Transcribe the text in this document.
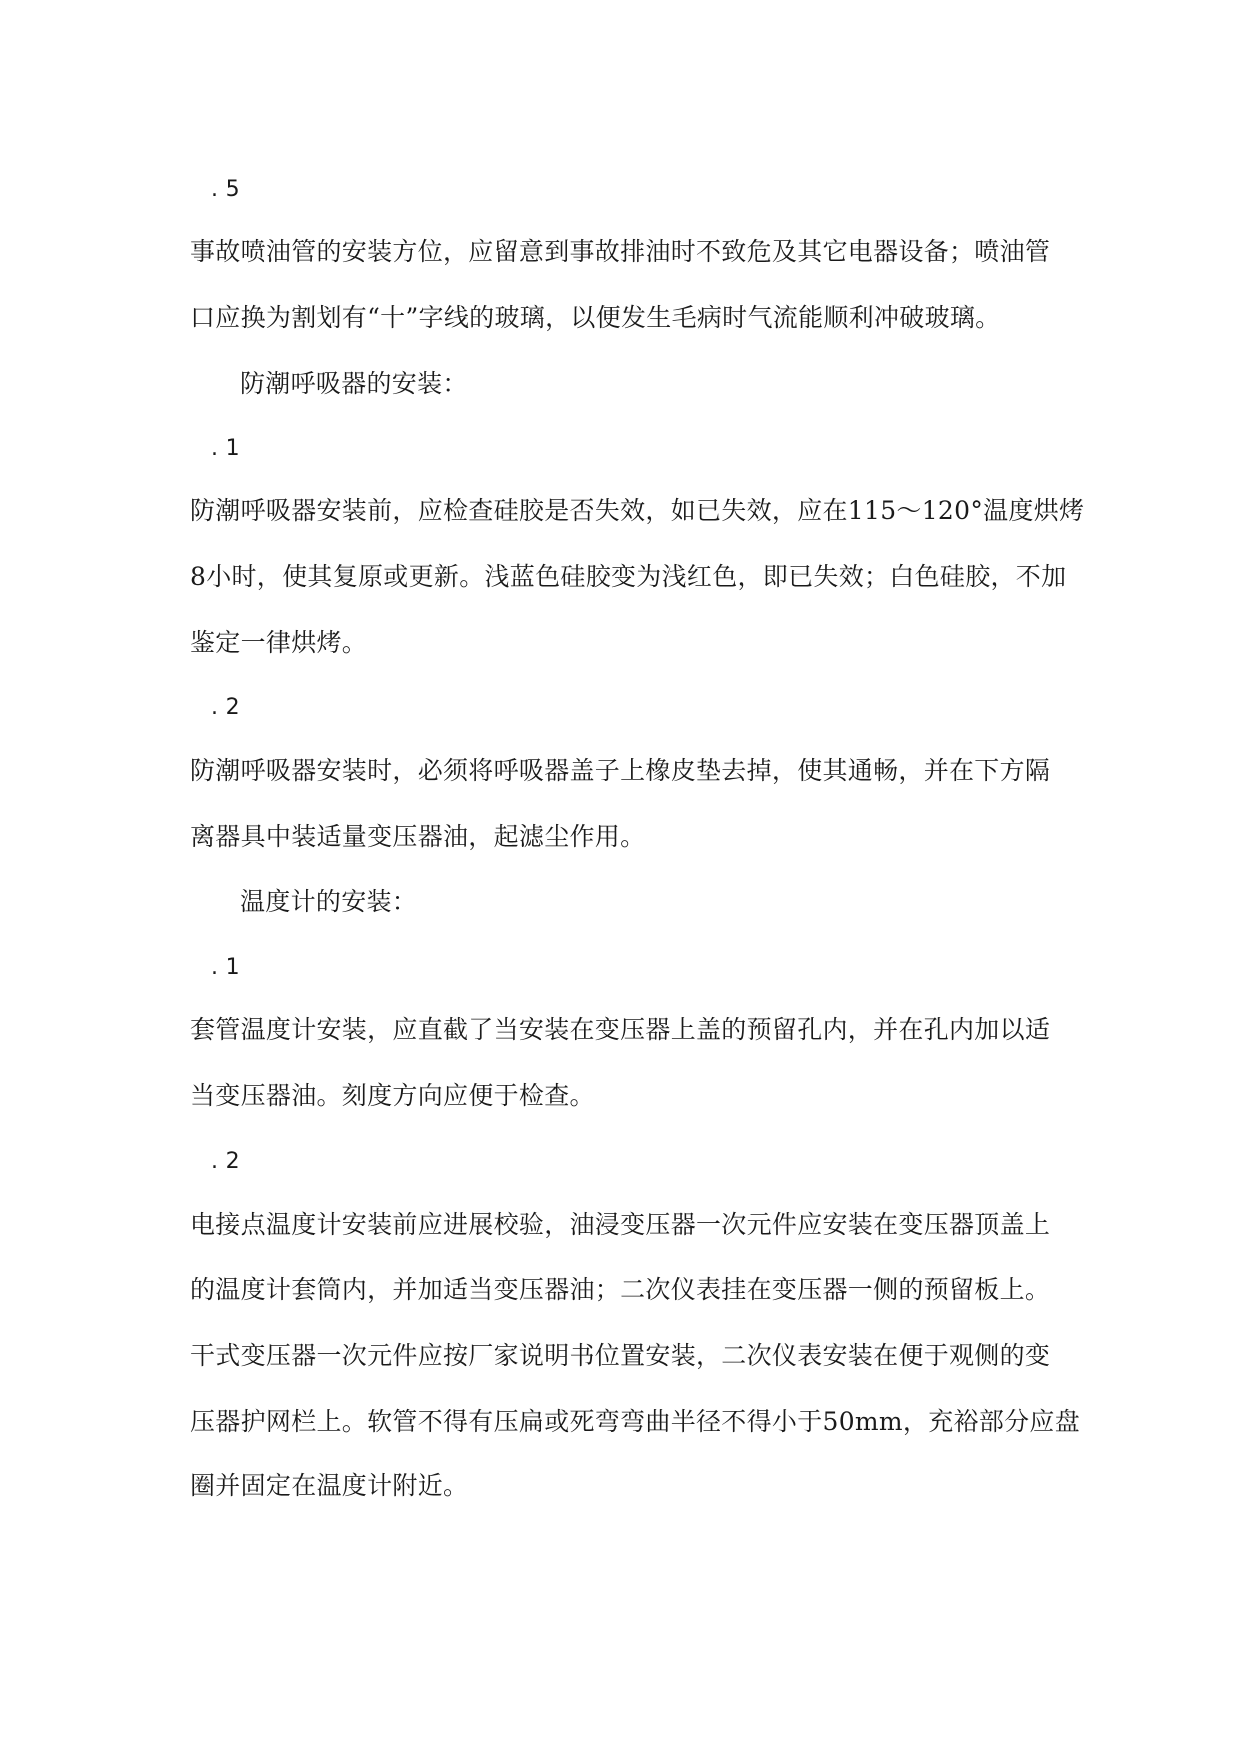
. 5
事故喷油管的安装方位，应留意到事故排油时不致危及其它电器设备；喷油管
口应换为割划有“十”字线的玻璃，以便发生毛病时气流能顺利冲破玻璃。
防潮呼吸器的安装：
. 1
防潮呼吸器安装前，应检查硅胶是否失效，如已失效，应在115～120°温度烘烤
8小时，使其复原或更新。浅蓝色硅胶变为浅红色，即已失效；白色硅胶，不加
鉴定一律烘烤。
. 2
防潮呼吸器安装时，必须将呼吸器盖子上橡皮垫去掉，使其通畅，并在下方隔
离器具中装适量变压器油，起滤尘作用。
温度计的安装：
. 1
套管温度计安装，应直截了当安装在变压器上盖的预留孔内，并在孔内加以适
当变压器油。刻度方向应便于检查。
. 2
电接点温度计安装前应进展校验，油浸变压器一次元件应安装在变压器顶盖上
的温度计套筒内，并加适当变压器油；二次仪表挂在变压器一侧的预留板上。
干式变压器一次元件应按厂家说明书位置安装，二次仪表安装在便于观侧的变
压器护网栏上。软管不得有压扁或死弯弯曲半径不得小于50mm，充裕部分应盘
圈并固定在温度计附近。
